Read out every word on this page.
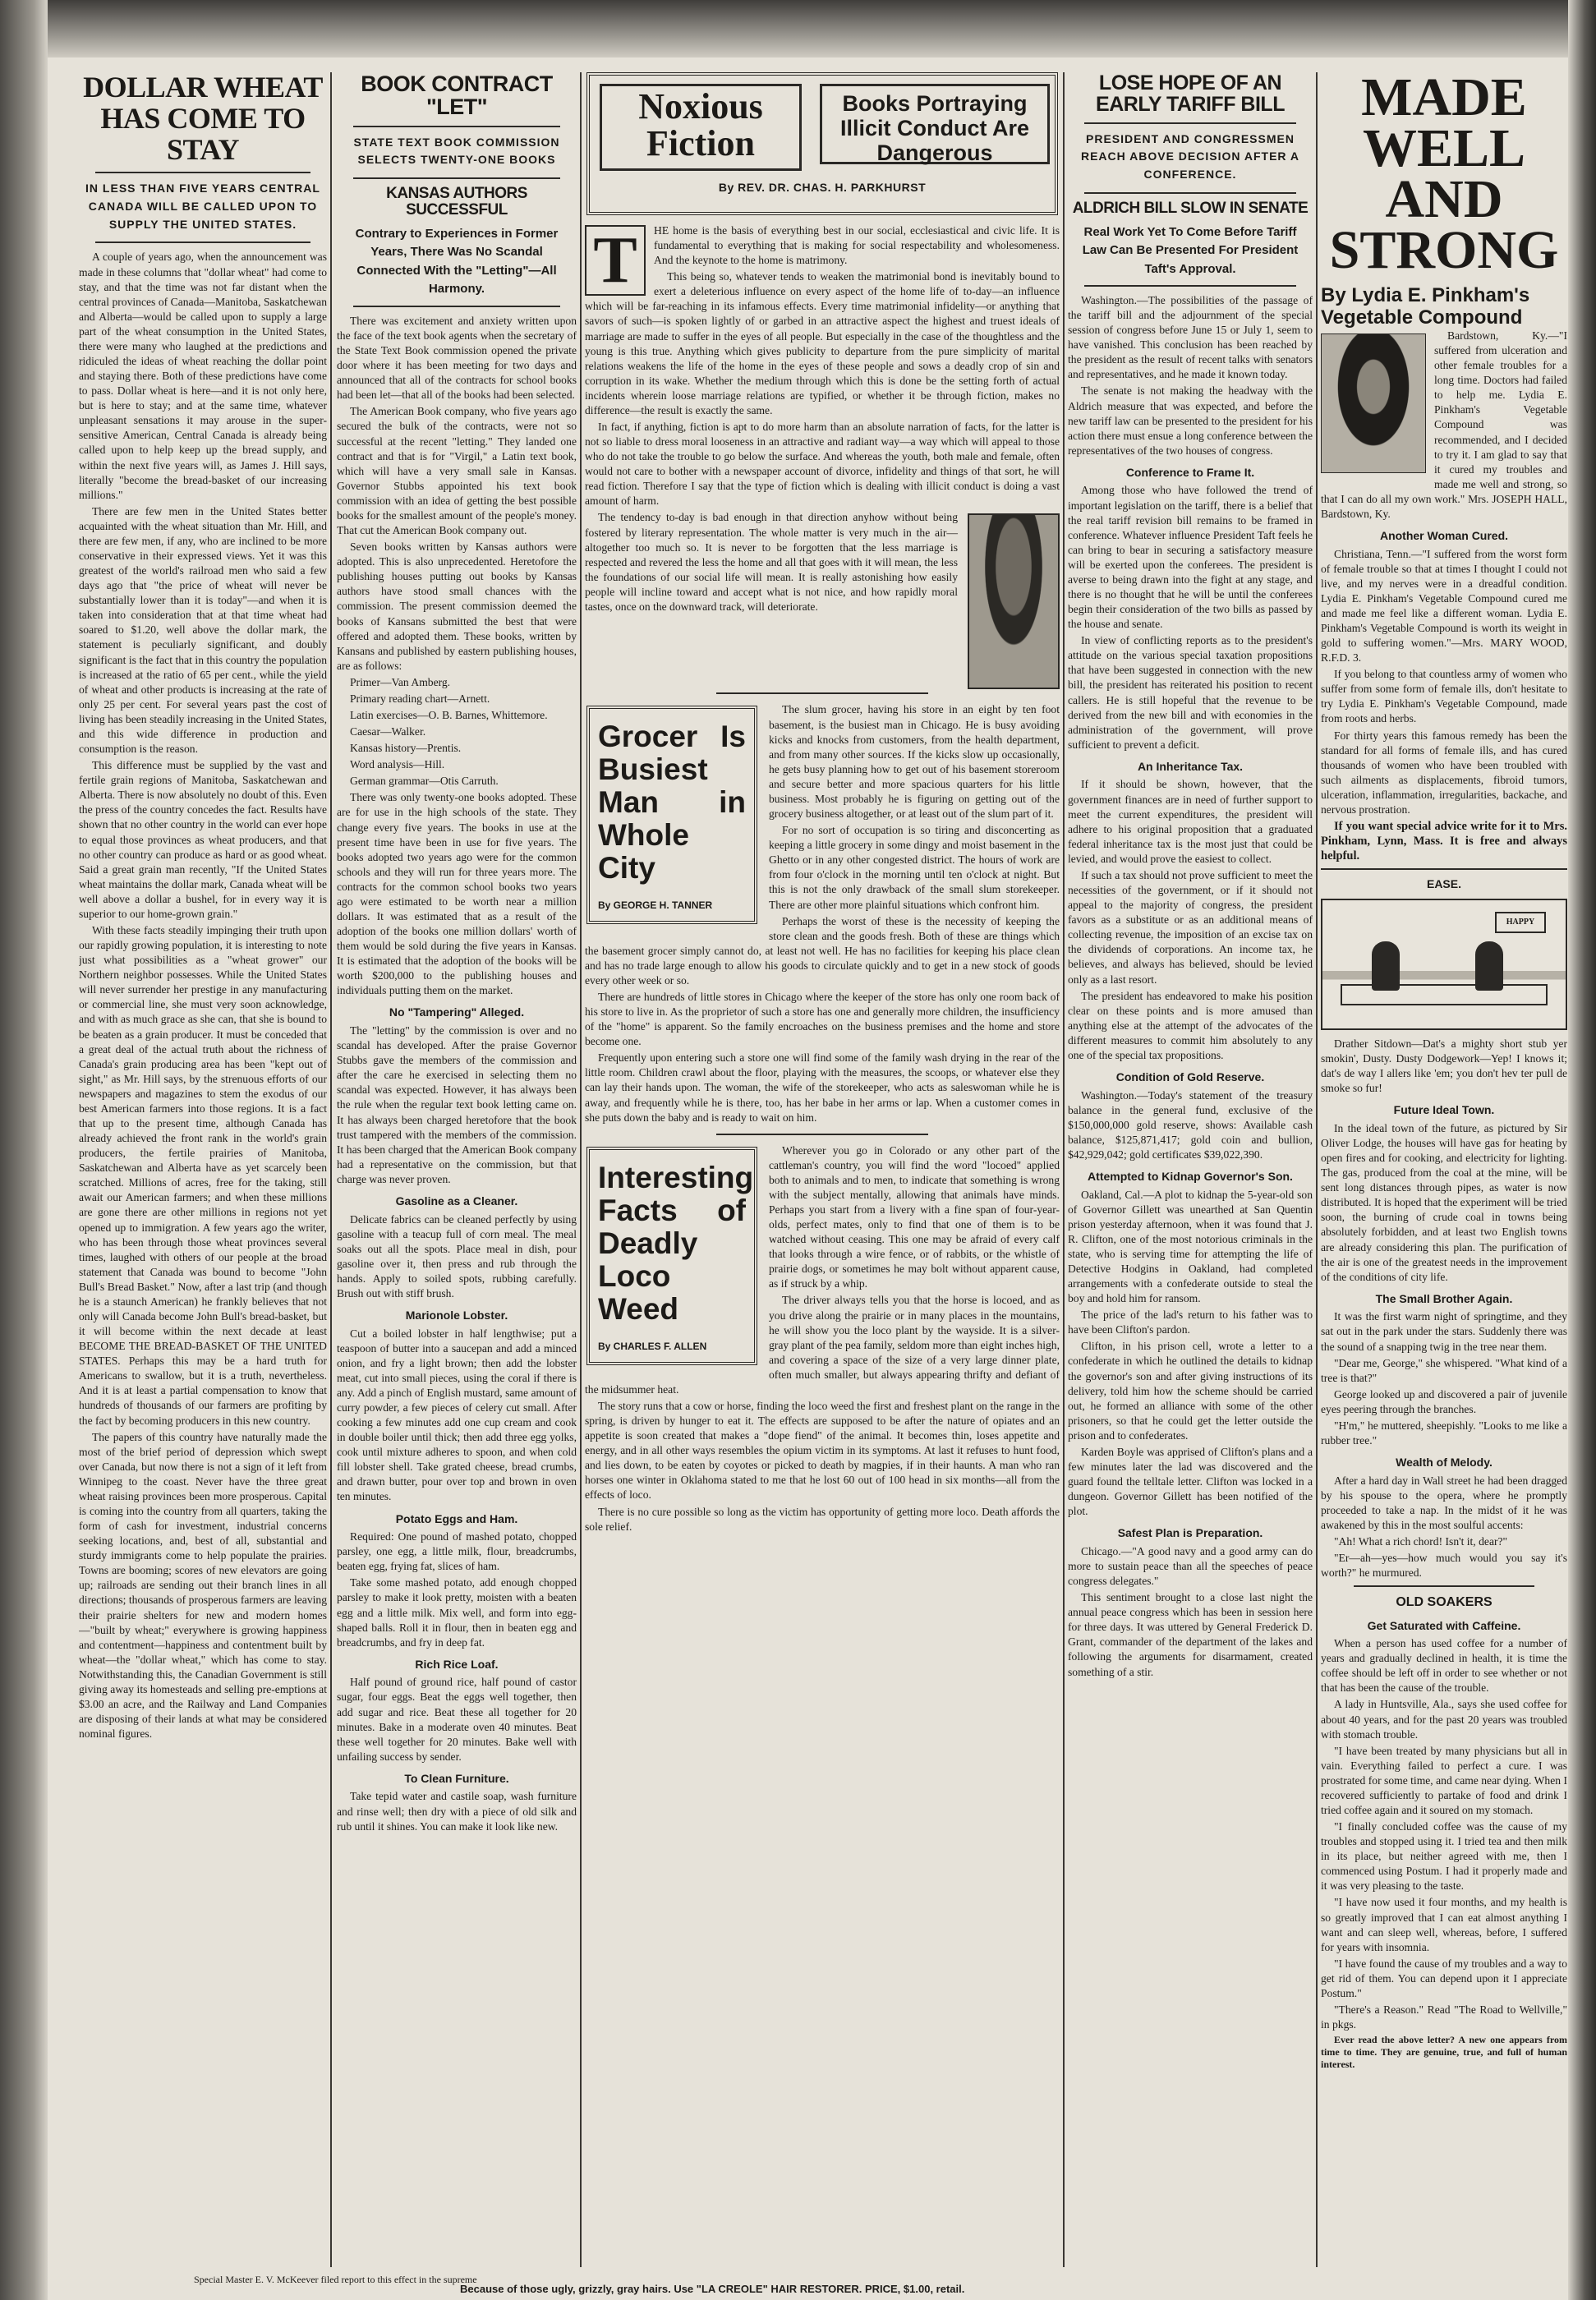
DOLLAR WHEAT HAS COME TO STAY
IN LESS THAN FIVE YEARS CENTRAL CANADA WILL BE CALLED UPON TO SUPPLY THE UNITED STATES.

A couple of years ago, when the announcement was made in these columns that "dollar wheat" had come to stay, and that the time was not far distant when the central provinces of Canada—Manitoba, Saskatchewan and Alberta—would be called upon to supply a large part of the wheat consumption in the United States, there were many who laughed at the predictions and ridiculed the ideas of wheat reaching the dollar point and staying there. Both of these predictions have come to pass. Dollar wheat is here—and it is not only here, but is here to stay; and at the same time, whatever unpleasant sensations it may arouse in the super-sensitive American, Central Canada is already being called upon to help keep up the bread supply, and within the next five years will, as James J. Hill says, literally "become the bread-basket of our increasing millions."

There are few men in the United States better acquainted with the wheat situation than Mr. Hill, and there are few men, if any, who are inclined to be more conservative in their expressed views. Yet it was this greatest of the world's railroad men who said a few days ago that "the price of wheat will never be substantially lower than it is today"—and when it is taken into consideration that at that time wheat had soared to $1.20, well above the dollar mark, the statement is peculiarly significant, and doubly significant is the fact that in this country the population is increased at the ratio of 65 per cent., while the yield of wheat and other products is increasing at the rate of only 25 per cent. For several years past the cost of living has been steadily increasing in the United States, and this wide difference in production and consumption is the reason.

This difference must be supplied by the vast and fertile grain regions of Manitoba, Saskatchewan and Alberta. There is now absolutely no doubt of this. Even the press of the country concedes the fact. Results have shown that no other country in the world can ever hope to equal those provinces as wheat producers, and that no other country can produce as hard or as good wheat. Said a great grain man recently, "If the United States wheat maintains the dollar mark, Canada wheat will be well above a dollar a bushel, for in every way it is superior to our home-grown grain."

With these facts steadily impinging their truth upon our rapidly growing population, it is interesting to note just what possibilities as a "wheat grower" our Northern neighbor possesses. While the United States will never surrender her prestige in any manufacturing or commercial line, she must very soon acknowledge, and with as much grace as she can, that she is bound to be beaten as a grain producer. It must be conceded that a great deal of the actual truth about the richness of Canada's grain producing area has been "kept out of sight," as Mr. Hill says, by the strenuous efforts of our newspapers and magazines to stem the exodus of our best American farmers into those regions. It is a fact that up to the present time, although Canada has already achieved the front rank in the world's grain producers, the fertile prairies of Manitoba, Saskatchewan and Alberta have as yet scarcely been scratched. Millions of acres, free for the taking, still await our American farmers; and when these millions are gone there are other millions in regions not yet opened up to immigration. A few years ago the writer, who has been through those wheat provinces several times, laughed with others of our people at the broad statement that Canada was bound to become "John Bull's Bread Basket." Now, after a last trip (and though he is a staunch American) he frankly believes that not only will Canada become John Bull's bread-basket, but it will become within the next decade at least BECOME THE BREAD-BASKET OF THE UNITED STATES. Perhaps this may be a hard truth for Americans to swallow, but it is a truth, nevertheless. And it is at least a partial compensation to know that hundreds of thousands of our farmers are profiting by the fact by becoming producers in this new country.

The papers of this country have naturally made the most of the brief period of depression which swept over Canada, but now there is not a sign of it left from Winnipeg to the coast. Never have the three great wheat raising provinces been more prosperous. Capital is coming into the country from all quarters, taking the form of cash for investment, industrial concerns seeking locations, and, best of all, substantial and sturdy immigrants come to help populate the prairies. Towns are booming; scores of new elevators are going up; railroads are sending out their branch lines in all directions; thousands of prosperous farmers are leaving their prairie shelters for new and modern homes—"built by wheat;" everywhere is growing happiness and contentment—happiness and contentment built by wheat—the "dollar wheat," which has come to stay. Notwithstanding this, the Canadian Government is still giving away its homesteads and selling pre-emptions at $3.00 an acre, and the Railway and Land Companies are disposing of their lands at what may be considered nominal figures.

BOOK CONTRACT "LET"
STATE TEXT BOOK COMMISSION SELECTS TWENTY-ONE BOOKS
KANSAS AUTHORS SUCCESSFUL
Contrary to Experiences in Former Years, There Was No Scandal Connected With the "Letting"—All Harmony.

There was excitement and anxiety written upon the face of the text book agents when the secretary of the State Text Book commission opened the private door where it has been meeting for two days and announced that all of the contracts for school books had been let—that all of the books had been selected.

The American Book company, who five years ago secured the bulk of the contracts, were not so successful at the recent "letting." They landed one contract and that is for "Virgil," a Latin text book, which will have a very small sale in Kansas. Governor Stubbs appointed his text book commission with an idea of getting the best possible books for the smallest amount of the people's money. That cut the American Book company out.

Seven books written by Kansas authors were adopted. This is also unprecedented. Heretofore the publishing houses putting out books by Kansas authors have stood small chances with the commission. The present commission deemed the books of Kansans submitted the best that were offered and adopted them. These books, written by Kansans and published by eastern publishing houses, are as follows:

Primer—Van Amberg.

Primary reading chart—Arnett.

Latin exercises—O. B. Barnes, Whittemore.

Caesar—Walker.

Kansas history—Prentis.

Word analysis—Hill.

German grammar—Otis Carruth.

There was only twenty-one books adopted. These are for use in the high schools of the state. They change every five years. The books in use at the present time have been in use for five years. The books adopted two years ago were for the common schools and they will run for three years more. The contracts for the common school books two years ago were estimated to be worth near a million dollars. It was estimated that as a result of the adoption of the books one million dollars' worth of them would be sold during the five years in Kansas. It is estimated that the adoption of the books will be worth $200,000 to the publishing houses and individuals putting them on the market.

No "Tampering" Alleged.

The "letting" by the commission is over and no scandal has developed. After the praise Governor Stubbs gave the members of the commission and after the care he exercised in selecting them no scandal was expected. However, it has always been the rule when the regular text book letting came on. It has always been charged heretofore that the book trust tampered with the members of the commission. It has been charged that the American Book company had a representative on the commission, but that charge was never proven.

Gasoline as a Cleaner.

Delicate fabrics can be cleaned perfectly by using gasoline with a teacup full of corn meal. The meal soaks out all the spots. Place meal in dish, pour gasoline over it, then press and rub through the hands. Apply to soiled spots, rubbing carefully. Brush out with stiff brush.

Marionole Lobster.

Cut a boiled lobster in half lengthwise; put a teaspoon of butter into a saucepan and add a minced onion, and fry a light brown; then add the lobster meat, cut into small pieces, using the coral if there is any. Add a pinch of English mustard, same amount of curry powder, a few pieces of celery cut small. After cooking a few minutes add one cup cream and cook in double boiler until thick; then add three egg yolks, cook until mixture adheres to spoon, and when cold fill lobster shell. Take grated cheese, bread crumbs, and drawn butter, pour over top and brown in oven ten minutes.

Potato Eggs and Ham.

Required: One pound of mashed potato, chopped parsley, one egg, a little milk, flour, breadcrumbs, beaten egg, frying fat, slices of ham.

Take some mashed potato, add enough chopped parsley to make it look pretty, moisten with a beaten egg and a little milk. Mix well, and form into egg-shaped balls. Roll it in flour, then in beaten egg and breadcrumbs, and fry in deep fat.

Rich Rice Loaf.

Half pound of ground rice, half pound of castor sugar, four eggs. Beat the eggs well together, then add sugar and rice. Beat these all together for 20 minutes. Bake in a moderate oven 40 minutes. Beat these well together for 20 minutes. Bake well with unfailing success by sender.

To Clean Furniture.

Take tepid water and castile soap, wash furniture and rinse well; then dry with a piece of old silk and rub until it shines. You can make it look like new.

Noxious Fiction
Books Portraying Illicit Conduct Are Dangerous
By REV. DR. CHAS. H. PARKHURST
T	HE home is the basis of everything best in our social, ecclesiastical and civic life. It is fundamental to everything that is making for social respectability and wholesomeness. And the keynote to the home is matrimony.

This being so, whatever tends to weaken the matrimonial bond is inevitably bound to exert a deleterious influence on every aspect of the home life of to-day—an influence which will be far-reaching in its infamous effects. Every time matrimonial infidelity—or anything that savors of such—is spoken lightly of or garbed in an attractive aspect the highest and truest ideals of marriage are made to suffer in the eyes of all people. But especially in the case of the thoughtless and the young is this true. Anything which gives publicity to departure from the pure simplicity of marital relations weakens the life of the home in the eyes of these people and sows a deadly crop of sin and corruption in its wake. Whether the medium through which this is done be the setting forth of actual incidents wherein loose marriage relations are typified, or whether it be through fiction, makes no difference—the result is exactly the same.

In fact, if anything, fiction is apt to do more harm than an absolute narration of facts, for the latter is not so liable to dress moral looseness in an attractive and radiant way—a way which will appeal to those who do not take the trouble to go below the surface. And whereas the youth, both male and female, often would not care to bother with a newspaper account of divorce, infidelity and things of that sort, he will read fiction. Therefore I say that the type of fiction which is dealing with illicit conduct is doing a vast amount of harm.

The tendency to-day is bad enough in that direction anyhow without being fostered by literary representation. The whole matter is very much in the air—altogether too much so. It is never to be forgotten that the less marriage is respected and revered the less the home and all that goes with it will mean, the less the foundations of our social life will mean. It is really astonishing how easily people will incline toward and accept what is not nice, and how rapidly moral tastes, once on the downward track, will deteriorate.

Grocer Is Busiest Man in Whole City
By GEORGE H. TANNER

The slum grocer, having his store in an eight by ten foot basement, is the busiest man in Chicago. He is busy avoiding kicks and knocks from customers, from the health department, and from many other sources. If the kicks slow up occasionally, he gets busy planning how to get out of his basement storeroom and secure better and more spacious quarters for his little business. Most probably he is figuring on getting out of the grocery business altogether, or at least out of the slum part of it.

For no sort of occupation is so tiring and disconcerting as keeping a little grocery in some dingy and moist basement in the Ghetto or in any other congested district. The hours of work are from four o'clock in the morning until ten o'clock at night. But this is not the only drawback of the small slum storekeeper. There are other more plainful situations which confront him.

Perhaps the worst of these is the necessity of keeping the store clean and the goods fresh. Both of these are things which the basement grocer simply cannot do, at least not well. He has no facilities for keeping his place clean and has no trade large enough to allow his goods to circulate quickly and to get in a new stock of goods every other week or so.

There are hundreds of little stores in Chicago where the keeper of the store has only one room back of his store to live in. As the proprietor of such a store has one and generally more children, the insufficiency of the "home" is apparent. So the family encroaches on the business premises and the home and store become one.

Frequently upon entering such a store one will find some of the family wash drying in the rear of the little room. Children crawl about the floor, playing with the measures, the scoops, or whatever else they can lay their hands upon. The woman, the wife of the storekeeper, who acts as saleswoman while he is away, and frequently while he is there, too, has her babe in her arms or lap. When a customer comes in she puts down the baby and is ready to wait on him.

Interesting Facts of Deadly Loco Weed
By CHARLES F. ALLEN

Wherever you go in Colorado or any other part of the cattleman's country, you will find the word "locoed" applied both to animals and to men, to indicate that something is wrong with the subject mentally, allowing that animals have minds. Perhaps you start from a livery with a fine span of four-year-olds, perfect mates, only to find that one of them is to be watched without ceasing. This one may be afraid of every calf that looks through a wire fence, or of rabbits, or the whistle of prairie dogs, or sometimes he may bolt without apparent cause, as if struck by a whip.

The driver always tells you that the horse is locoed, and as you drive along the prairie or in many places in the mountains, he will show you the loco plant by the wayside. It is a silver-gray plant of the pea family, seldom more than eight inches high, and covering a space of the size of a very large dinner plate, often much smaller, but always appearing thrifty and defiant of the midsummer heat.

The story runs that a cow or horse, finding the loco weed the first and freshest plant on the range in the spring, is driven by hunger to eat it. The effects are supposed to be after the nature of opiates and an appetite is soon created that makes a "dope fiend" of the animal. It becomes thin, loses appetite and energy, and in all other ways resembles the opium victim in its symptoms. At last it refuses to hunt food, and lies down, to be eaten by coyotes or picked to death by magpies, if in their haunts. A man who ran horses one winter in Oklahoma stated to me that he lost 60 out of 100 head in six months—all from the effects of loco.

There is no cure possible so long as the victim has opportunity of getting more loco. Death affords the sole relief.

LOSE HOPE OF AN EARLY TARIFF BILL
PRESIDENT AND CONGRESSMEN REACH ABOVE DECISION AFTER A CONFERENCE.
ALDRICH BILL SLOW IN SENATE
Real Work Yet To Come Before Tariff Law Can Be Presented For President Taft's Approval.

Washington.—The possibilities of the passage of the tariff bill and the adjournment of the special session of congress before June 15 or July 1, seem to have vanished. This conclusion has been reached by the president as the result of recent talks with senators and representatives, and he made it known today.

The senate is not making the headway with the Aldrich measure that was expected, and before the new tariff law can be presented to the president for his action there must ensue a long conference between the representatives of the two houses of congress.

Conference to Frame It.

Among those who have followed the trend of important legislation on the tariff, there is a belief that the real tariff revision bill remains to be framed in conference. Whatever influence President Taft feels he can bring to bear in securing a satisfactory measure will be exerted upon the conferees. The president is averse to being drawn into the fight at any stage, and there is no thought that he will be until the conferees begin their consideration of the two bills as passed by the house and senate.

In view of conflicting reports as to the president's attitude on the various special taxation propositions that have been suggested in connection with the new bill, the president has reiterated his position to recent callers. He is still hopeful that the revenue to be derived from the new bill and with economies in the administration of the government, will prove sufficient to prevent a deficit.

An Inheritance Tax.

If it should be shown, however, that the government finances are in need of further support to meet the current expenditures, the president will adhere to his original proposition that a graduated federal inheritance tax is the most just that could be levied, and would prove the easiest to collect.

If such a tax should not prove sufficient to meet the necessities of the government, or if it should not appeal to the majority of congress, the president favors as a substitute or as an additional means of collecting revenue, the imposition of an excise tax on the dividends of corporations. An income tax, he believes, and always has believed, should be levied only as a last resort.

The president has endeavored to make his position clear on these points and is more amused than anything else at the attempt of the advocates of the different measures to commit him absolutely to any one of the special tax propositions.

Condition of Gold Reserve.

Washington.—Today's statement of the treasury balance in the general fund, exclusive of the $150,000,000 gold reserve, shows: Available cash balance, $125,871,417; gold coin and bullion, $42,929,042; gold certificates $39,022,390.

Attempted to Kidnap Governor's Son.

Oakland, Cal.—A plot to kidnap the 5-year-old son of Governor Gillett was unearthed at San Quentin prison yesterday afternoon, when it was found that J. R. Clifton, one of the most notorious criminals in the state, who is serving time for attempting the life of Detective Hodgins in Oakland, had completed arrangements with a confederate outside to steal the boy and hold him for ransom.

The price of the lad's return to his father was to have been Clifton's pardon.

Clifton, in his prison cell, wrote a letter to a confederate in which he outlined the details to kidnap the governor's son and after giving instructions of its delivery, told him how the scheme should be carried out, he formed an alliance with some of the other prisoners, so that he could get the letter outside the prison and to confederates.

Karden Boyle was apprised of Clifton's plans and a few minutes later the lad was discovered and the guard found the telltale letter. Clifton was locked in a dungeon. Governor Gillett has been notified of the plot.

Safest Plan is Preparation.

Chicago.—"A good navy and a good army can do more to sustain peace than all the speeches of peace congress delegates."

This sentiment brought to a close last night the annual peace congress which has been in session here for three days. It was uttered by General Frederick D. Grant, commander of the department of the lakes and following the arguments for disarmament, created something of a stir.

MADE WELL AND STRONG
By Lydia E. Pinkham's Vegetable Compound

Bardstown, Ky.—"I suffered from ulceration and other female troubles for a long time. Doctors had failed to help me. Lydia E. Pinkham's Vegetable Compound was recommended, and I decided to try it. I am glad to say that it cured my troubles and made me well and strong, so that I can do all my own work." Mrs. JOSEPH HALL, Bardstown, Ky.

Another Woman Cured.

Christiana, Tenn.—"I suffered from the worst form of female trouble so that at times I thought I could not live, and my nerves were in a dreadful condition. Lydia E. Pinkham's Vegetable Compound cured me and made me feel like a different woman. Lydia E. Pinkham's Vegetable Compound is worth its weight in gold to suffering women."—Mrs. MARY WOOD, R.F.D. 3.

If you belong to that countless army of women who suffer from some form of female ills, don't hesitate to try Lydia E. Pinkham's Vegetable Compound, made from roots and herbs.

For thirty years this famous remedy has been the standard for all forms of female ills, and has cured thousands of women who have been troubled with such ailments as displacements, fibroid tumors, ulceration, inflammation, irregularities, backache, and nervous prostration.

If you want special advice write for it to Mrs. Pinkham, Lynn, Mass. It is free and always helpful.

EASE.
HAPPY

Drather Sitdown—Dat's a mighty short stub yer smokin', Dusty. Dusty Dodgework—Yep! I knows it; dat's de way I allers like 'em; you don't hev ter pull de smoke so fur!

Future Ideal Town.

In the ideal town of the future, as pictured by Sir Oliver Lodge, the houses will have gas for heating by open fires and for cooking, and electricity for lighting. The gas, produced from the coal at the mine, will be sent long distances through pipes, as water is now distributed. It is hoped that the experiment will be tried soon, the burning of crude coal in towns being absolutely forbidden, and at least two English towns are already considering this plan. The purification of the air is one of the greatest needs in the improvement of the conditions of city life.

The Small Brother Again.

It was the first warm night of springtime, and they sat out in the park under the stars. Suddenly there was the sound of a snapping twig in the tree near them.

"Dear me, George," she whispered. "What kind of a tree is that?"

George looked up and discovered a pair of juvenile eyes peering through the branches.

"H'm," he muttered, sheepishly. "Looks to me like a rubber tree."

Wealth of Melody.

After a hard day in Wall street he had been dragged by his spouse to the opera, where he promptly proceeded to take a nap. In the midst of it he was awakened by this in the most soulful accents:

"Ah! What a rich chord! Isn't it, dear?"

"Er—ah—yes—how much would you say it's worth?" he murmured.

OLD SOAKERS
Get Saturated with Caffeine.

When a person has used coffee for a number of years and gradually declined in health, it is time the coffee should be left off in order to see whether or not that has been the cause of the trouble.

A lady in Huntsville, Ala., says she used coffee for about 40 years, and for the past 20 years was troubled with stomach trouble.

"I have been treated by many physicians but all in vain. Everything failed to perfect a cure. I was prostrated for some time, and came near dying. When I recovered sufficiently to partake of food and drink I tried coffee again and it soured on my stomach.

"I finally concluded coffee was the cause of my troubles and stopped using it. I tried tea and then milk in its place, but neither agreed with me, then I commenced using Postum. I had it properly made and it was very pleasing to the taste.

"I have now used it four months, and my health is so greatly improved that I can eat almost anything I want and can sleep well, whereas, before, I suffered for years with insomnia.

"I have found the cause of my troubles and a way to get rid of them. You can depend upon it I appreciate Postum."

"There's a Reason." Read "The Road to Wellville," in pkgs.

Ever read the above letter? A new one appears from time to time. They are genuine, true, and full of human interest.

Special Master E. V. McKeever filed report to this effect in the supreme
Because of those ugly, grizzly, gray hairs. Use "LA CREOLE" HAIR RESTORER. PRICE, $1.00, retail.
